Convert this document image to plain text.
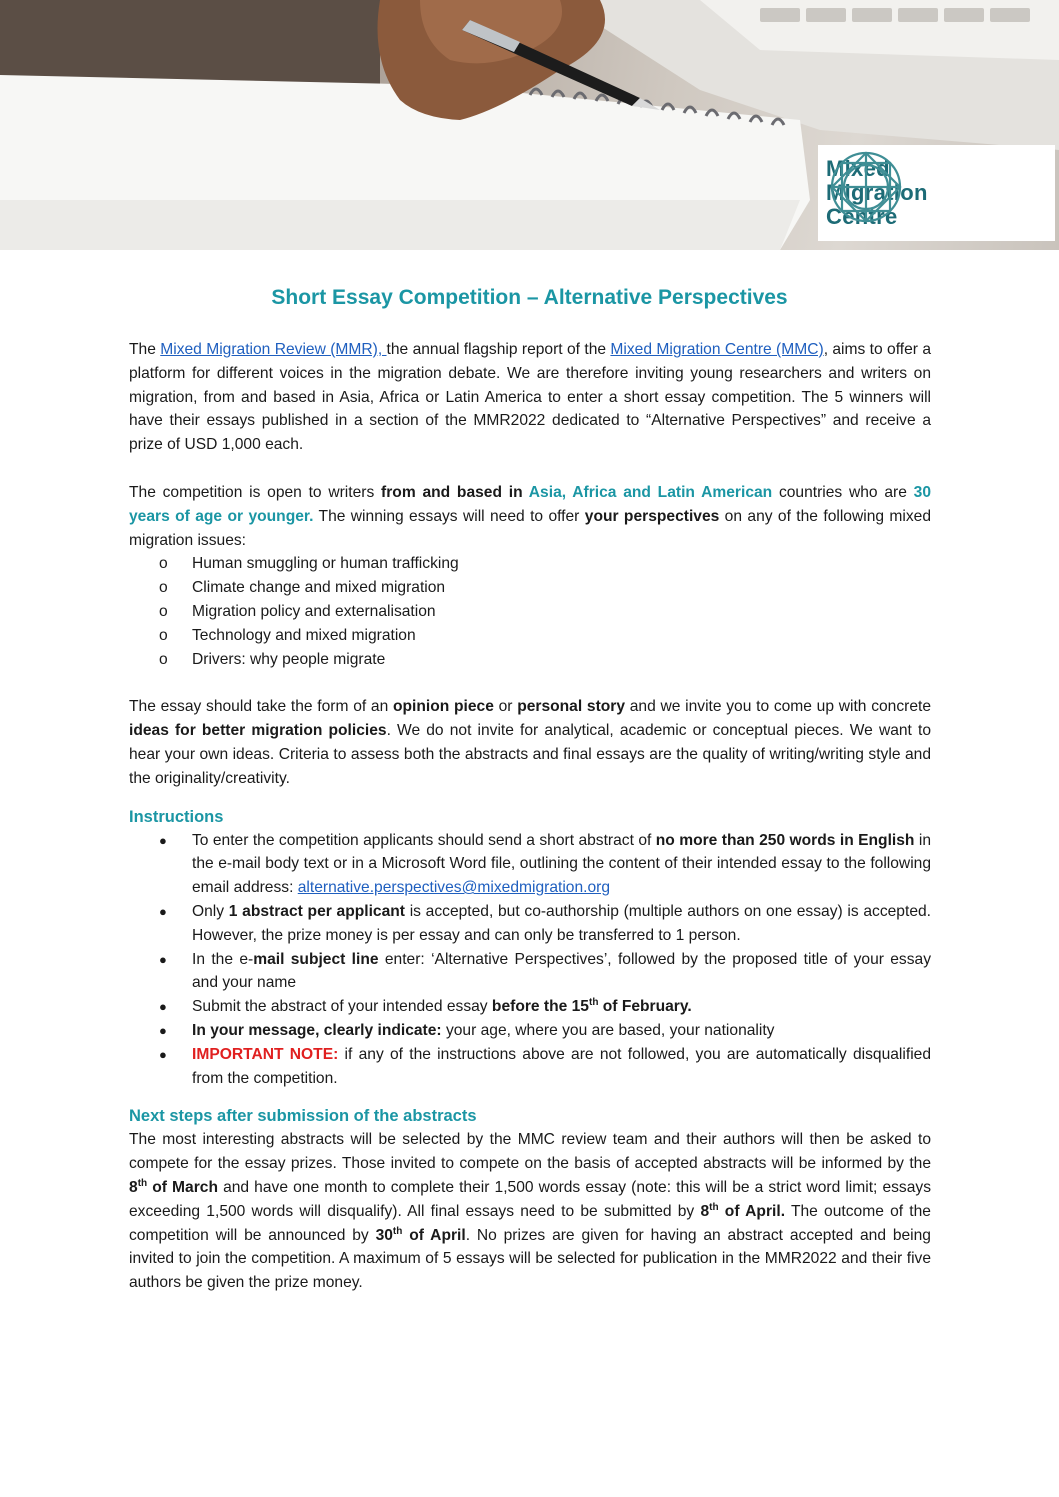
Mixed
Migration
Centre
Short Essay Competition – Alternative Perspectives

The Mixed Migration Review (MMR), the annual flagship report of the Mixed Migration Centre (MMC), aims to offer a platform for different voices in the migration debate. We are therefore inviting young researchers and writers on migration, from and based in Asia, Africa or Latin America to enter a short essay competition. The 5 winners will have their essays published in a section of the MMR2022 dedicated to “Alternative Perspectives” and receive a prize of USD 1,000 each.

The competition is open to writers from and based in Asia, Africa and Latin American countries who are 30 years of age or younger. The winning essays will need to offer your perspectives on any of the following mixed migration issues:

o Human smuggling or human trafficking
o Climate change and mixed migration
o Migration policy and externalisation
o Technology and mixed migration
o Drivers: why people migrate

The essay should take the form of an opinion piece or personal story and we invite you to come up with concrete ideas for better migration policies. We do not invite for analytical, academic or conceptual pieces. We want to hear your own ideas. Criteria to assess both the abstracts and final essays are the quality of writing/writing style and the originality/creativity.

Instructions
● To enter the competition applicants should send a short abstract of no more than 250 words in English in the e-mail body text or in a Microsoft Word file, outlining the content of their intended essay to the following email address: alternative.perspectives@mixedmigration.org
● Only 1 abstract per applicant is accepted, but co-authorship (multiple authors on one essay) is accepted. However, the prize money is per essay and can only be transferred to 1 person.
● In the e-mail subject line enter: ‘Alternative Perspectives’, followed by the proposed title of your essay and your name
● Submit the abstract of your intended essay before the 15th of February.
● In your message, clearly indicate: your age, where you are based, your nationality
● IMPORTANT NOTE: if any of the instructions above are not followed, you are automatically disqualified from the competition.
Next steps after submission of the abstracts

The most interesting abstracts will be selected by the MMC review team and their authors will then be asked to compete for the essay prizes. Those invited to compete on the basis of accepted abstracts will be informed by the 8th of March and have one month to complete their 1,500 words essay (note: this will be a strict word limit; essays exceeding 1,500 words will disqualify). All final essays need to be submitted by 8th of April. The outcome of the competition will be announced by 30th of April. No prizes are given for having an abstract accepted and being invited to join the competition. A maximum of 5 essays will be selected for publication in the MMR2022 and their five authors be given the prize money.
